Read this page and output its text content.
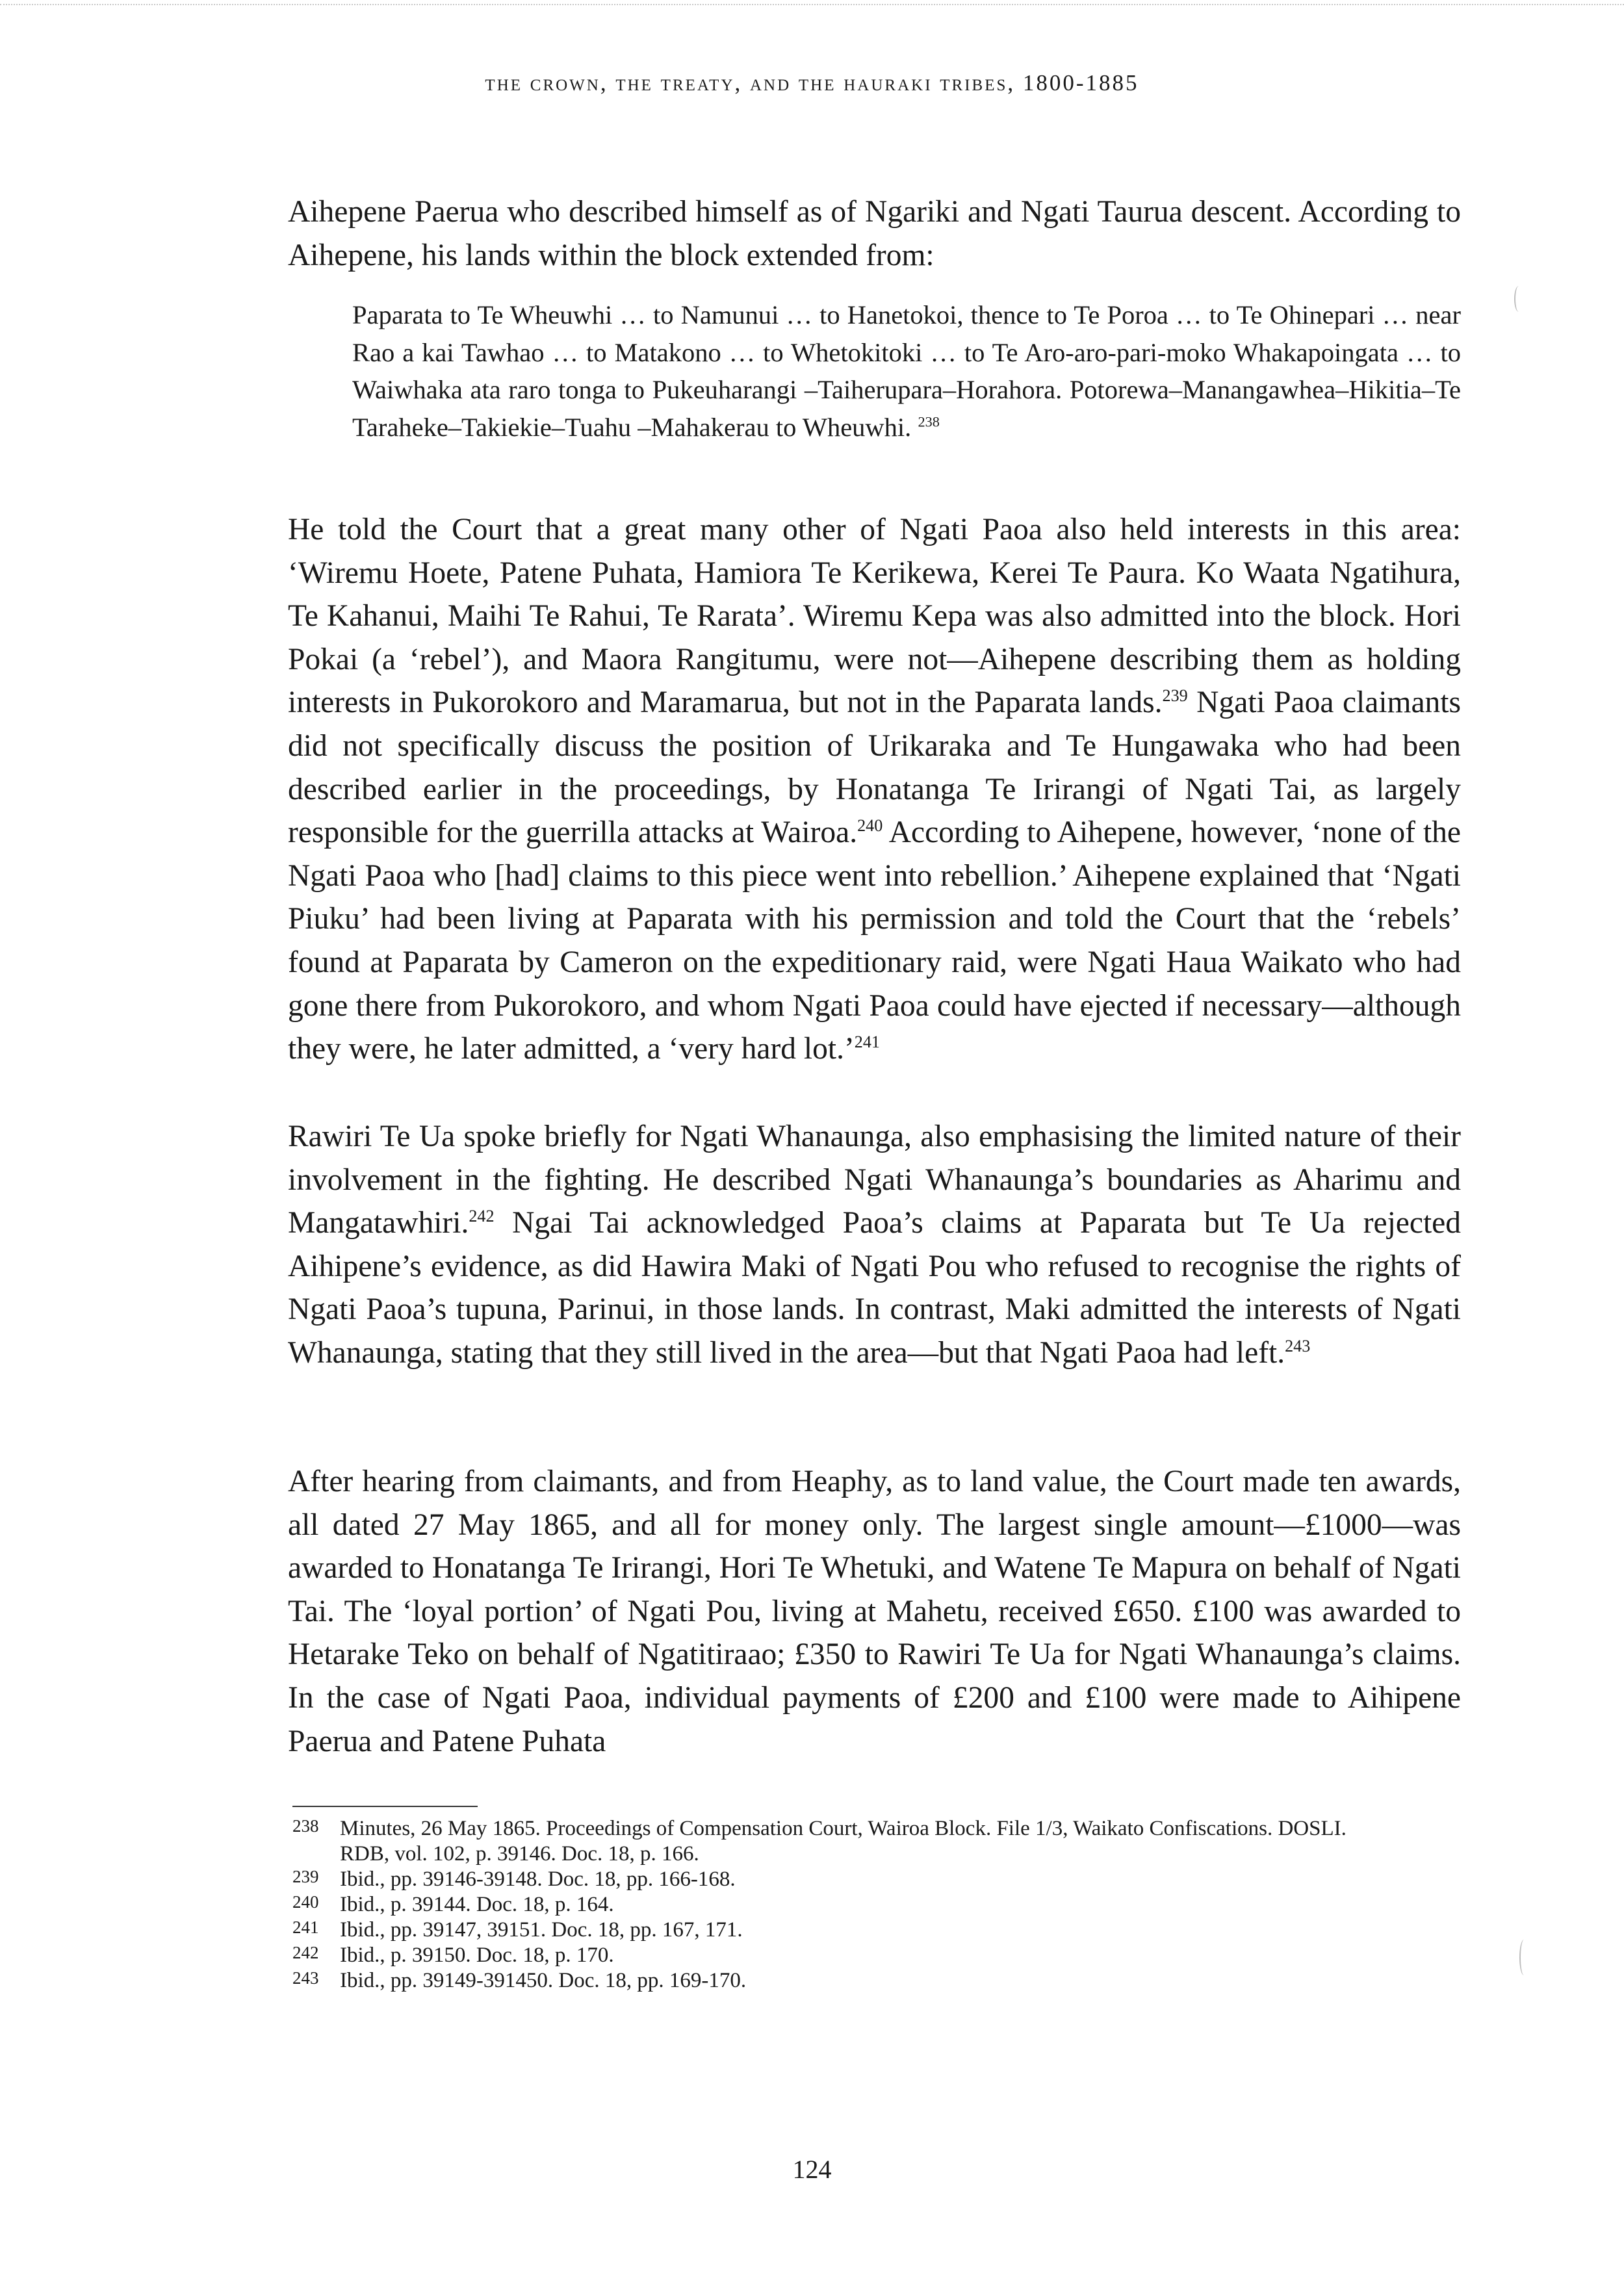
the crown, the treaty, and the hauraki tribes, 1800-1885

Aihepene Paerua who described himself as of Ngariki and Ngati Taurua descent. According to Aihepene, his lands within the block extended from:

Paparata to Te Wheuwhi … to Namunui … to Hanetokoi, thence to Te Poroa … to Te Ohinepari … near Rao a kai Tawhao … to Matakono … to Whetokitoki … to Te Aro-aro-pari-moko Whakapoingata … to Waiwhaka ata raro tonga to Pukeuharangi –Taiherupara–Horahora. Potorewa–Manangawhea–Hikitia–Te Taraheke–Takiekie–Tuahu –Mahakerau to Wheuwhi. $^{238}$

He told the Court that a great many other of Ngati Paoa also held interests in this area: ‘Wiremu Hoete, Patene Puhata, Hamiora Te Kerikewa, Kerei Te Paura. Ko Waata Ngatihura, Te Kahanui, Maihi Te Rahui, Te Rarata’. Wiremu Kepa was also admitted into the block. Hori Pokai (a ‘rebel’), and Maora Rangitumu, were not—Aihepene describing them as holding interests in Pukorokoro and Maramarua, but not in the Paparata lands.$^{239}$ Ngati Paoa claimants did not specifically discuss the position of Urikaraka and Te Hungawaka who had been described earlier in the proceedings, by Honatanga Te Irirangi of Ngati Tai, as largely responsible for the guerrilla attacks at Wairoa.$^{240}$ According to Aihepene, however, ‘none of the Ngati Paoa who [had] claims to this piece went into rebellion.’ Aihepene explained that ‘Ngati Piuku’ had been living at Paparata with his permission and told the Court that the ‘rebels’ found at Paparata by Cameron on the expeditionary raid, were Ngati Haua Waikato who had gone there from Pukorokoro, and whom Ngati Paoa could have ejected if necessary—although they were, he later admitted, a ‘very hard lot.’$^{241}$

Rawiri Te Ua spoke briefly for Ngati Whanaunga, also emphasising the limited nature of their involvement in the fighting. He described Ngati Whanaunga’s boundaries as Aharimu and Mangatawhiri.$^{242}$ Ngai Tai acknowledged Paoa’s claims at Paparata but Te Ua rejected Aihipene’s evidence, as did Hawira Maki of Ngati Pou who refused to recognise the rights of Ngati Paoa’s tupuna, Parinui, in those lands. In contrast, Maki admitted the interests of Ngati Whanaunga, stating that they still lived in the area—but that Ngati Paoa had left.$^{243}$

After hearing from claimants, and from Heaphy, as to land value, the Court made ten awards, all dated 27 May 1865, and all for money only. The largest single amount—£1000—was awarded to Honatanga Te Irirangi, Hori Te Whetuki, and Watene Te Mapura on behalf of Ngati Tai. The ‘loyal portion’ of Ngati Pou, living at Mahetu, received £650. £100 was awarded to Hetarake Teko on behalf of Ngatitiraao; £350 to Rawiri Te Ua for Ngati Whanaunga’s claims. In the case of Ngati Paoa, individual payments of £200 and £100 were made to Aihipene Paerua and Patene Puhata

238 Minutes, 26 May 1865. Proceedings of Compensation Court, Wairoa Block. File 1/3, Waikato Confiscations. DOSLI. RDB, vol. 102, p. 39146. Doc. 18, p. 166.

239 Ibid., pp. 39146-39148. Doc. 18, pp. 166-168.

240 Ibid., p. 39144. Doc. 18, p. 164.

241 Ibid., pp. 39147, 39151. Doc. 18, pp. 167, 171.

242 Ibid., p. 39150. Doc. 18, p. 170.

243 Ibid., pp. 39149-391450. Doc. 18, pp. 169-170.

124
